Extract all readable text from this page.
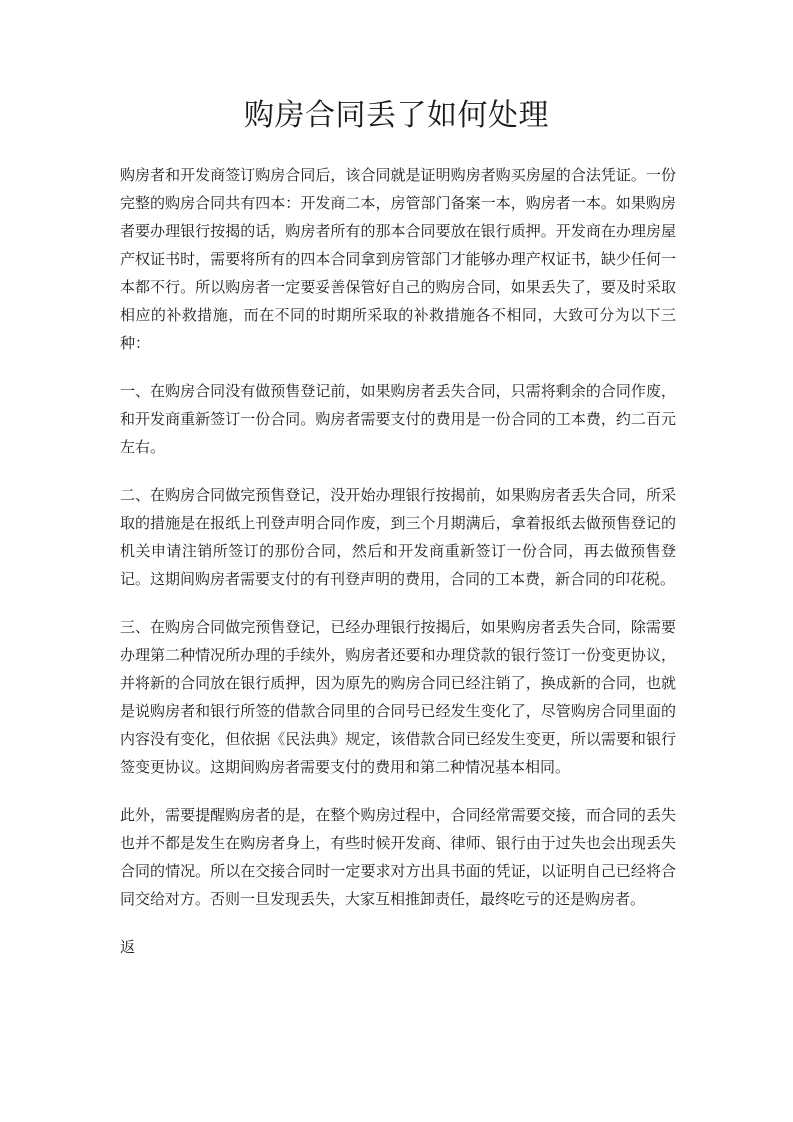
购房合同丢了如何处理

购房者和开发商签订购房合同后，该合同就是证明购房者购买房屋的合法凭证。一份完整的购房合同共有四本：开发商二本，房管部门备案一本，购房者一本。如果购房者要办理银行按揭的话，购房者所有的那本合同要放在银行质押。开发商在办理房屋产权证书时，需要将所有的四本合同拿到房管部门才能够办理产权证书，缺少任何一本都不行。所以购房者一定要妥善保管好自己的购房合同，如果丢失了，要及时采取相应的补救措施，而在不同的时期所采取的补救措施各不相同，大致可分为以下三种：

一、在购房合同没有做预售登记前，如果购房者丢失合同，只需将剩余的合同作废，和开发商重新签订一份合同。购房者需要支付的费用是一份合同的工本费，约二百元左右。

二、在购房合同做完预售登记，没开始办理银行按揭前，如果购房者丢失合同，所采取的措施是在报纸上刊登声明合同作废，到三个月期满后，拿着报纸去做预售登记的机关申请注销所签订的那份合同，然后和开发商重新签订一份合同，再去做预售登记。这期间购房者需要支付的有刊登声明的费用，合同的工本费，新合同的印花税。

三、在购房合同做完预售登记，已经办理银行按揭后，如果购房者丢失合同，除需要办理第二种情况所办理的手续外，购房者还要和办理贷款的银行签订一份变更协议，并将新的合同放在银行质押，因为原先的购房合同已经注销了，换成新的合同，也就是说购房者和银行所签的借款合同里的合同号已经发生变化了，尽管购房合同里面的内容没有变化，但依据《民法典》规定，该借款合同已经发生变更，所以需要和银行签变更协议。这期间购房者需要支付的费用和第二种情况基本相同。

此外，需要提醒购房者的是，在整个购房过程中，合同经常需要交接，而合同的丢失也并不都是发生在购房者身上，有些时候开发商、律师、银行由于过失也会出现丢失合同的情况。所以在交接合同时一定要求对方出具书面的凭证，以证明自己已经将合同交给对方。否则一旦发现丢失，大家互相推卸责任，最终吃亏的还是购房者。

返
